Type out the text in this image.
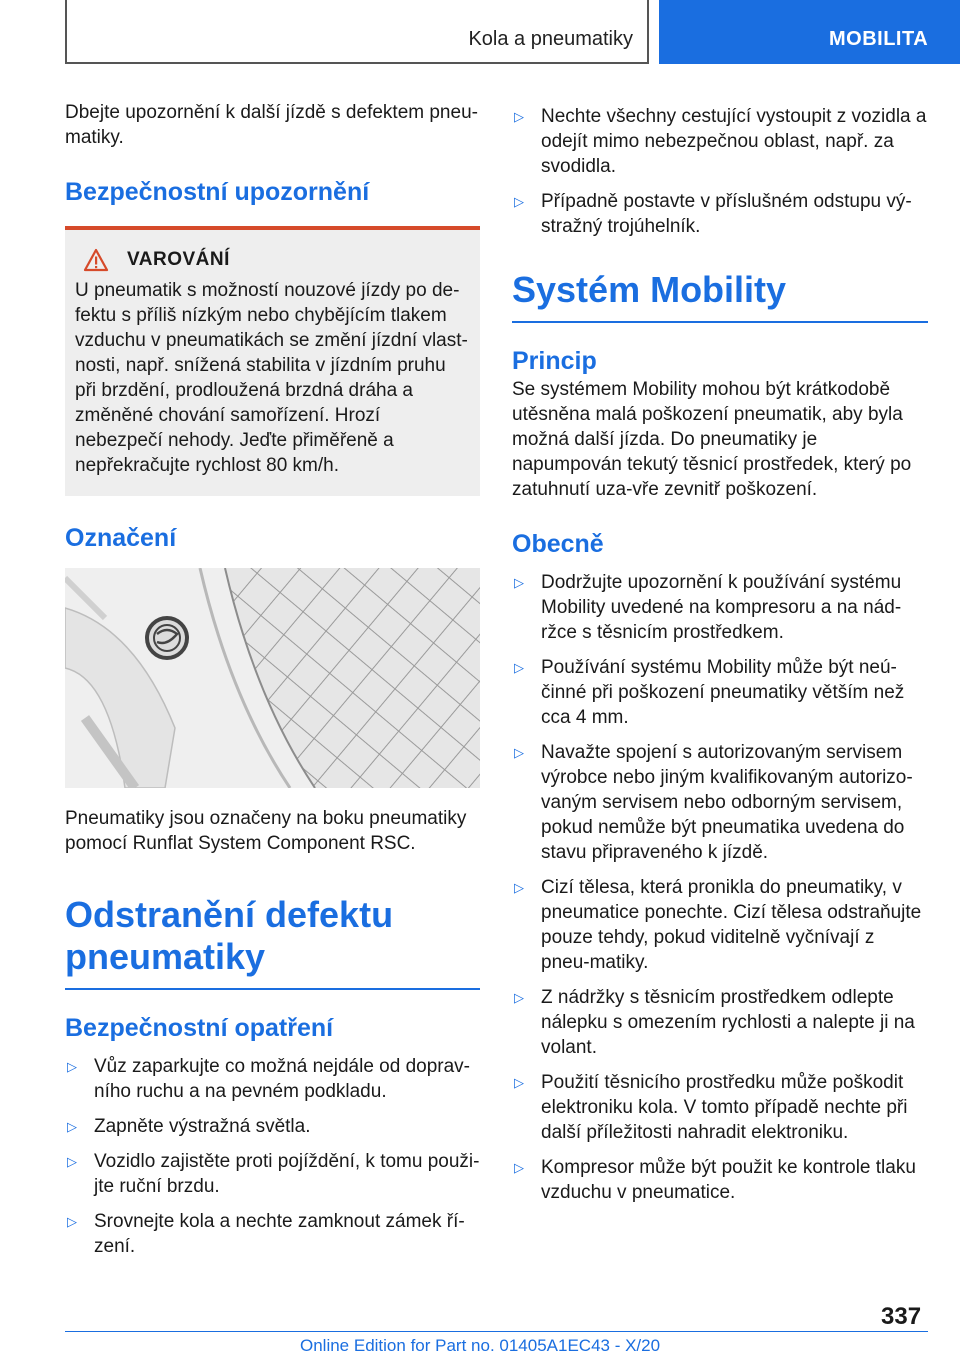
Kola a pneumatiky	MOBILITA

Dbejte upozornění k další jízdě s defektem pneu-matiky.

Bezpečnostní upozornění
VAROVÁNÍ

U pneumatik s možností nouzové jízdy po de-fektu s příliš nízkým nebo chybějícím tlakem vzduchu v pneumatikách se změní jízdní vlast-nosti, např. snížená stabilita v jízdním pruhu při brzdění, prodloužená brzdná dráha a změněné chování samořízení. Hrozí nebezpečí nehody. Jeďte přiměřeně a nepřekračujte rychlost 80 km/h.

Označení

Pneumatiky jsou označeny na boku pneumatiky pomocí Runflat System Component RSC.

Odstranění defektu pneumatiky
Bezpečnostní opatření
▷ Vůz zaparkujte co možná nejdále od doprav-ního ruchu a na pevném podkladu.
▷ Zapněte výstražná světla.
▷ Vozidlo zajistěte proti pojíždění, k tomu použi-jte ruční brzdu.
▷ Srovnejte kola a nechte zamknout zámek ří-zení.
▷ Nechte všechny cestující vystoupit z vozidla a odejít mimo nebezpečnou oblast, např. za svodidla.
▷ Případně postavte v příslušném odstupu vý-stražný trojúhelník.
Systém Mobility
Princip

Se systémem Mobility mohou být krátkodobě utěsněna malá poškození pneumatik, aby byla možná další jízda. Do pneumatiky je napumpován tekutý těsnicí prostředek, který po zatuhnutí uza-vře zevnitř poškození.

Obecně
▷ Dodržujte upozornění k používání systému Mobility uvedené na kompresoru a na nád-ržce s těsnicím prostředkem.
▷ Používání systému Mobility může být neú-činné při poškození pneumatiky větším než cca 4 mm.
▷ Navažte spojení s autorizovaným servisem výrobce nebo jiným kvalifikovaným autorizo-vaným servisem nebo odborným servisem, pokud nemůže být pneumatika uvedena do stavu připraveného k jízdě.
▷ Cizí tělesa, která pronikla do pneumatiky, v pneumatice ponechte. Cizí tělesa odstraňujte pouze tehdy, pokud viditelně vyčnívají z pneu-matiky.
▷ Z nádržky s těsnicím prostředkem odlepte nálepku s omezením rychlosti a nalepte ji na volant.
▷ Použití těsnicího prostředku může poškodit elektroniku kola. V tomto případě nechte při další příležitosti nahradit elektroniku.
▷ Kompresor může být použit ke kontrole tlaku vzduchu v pneumatice.
337
Online Edition for Part no. 01405A1EC43 - X/20
